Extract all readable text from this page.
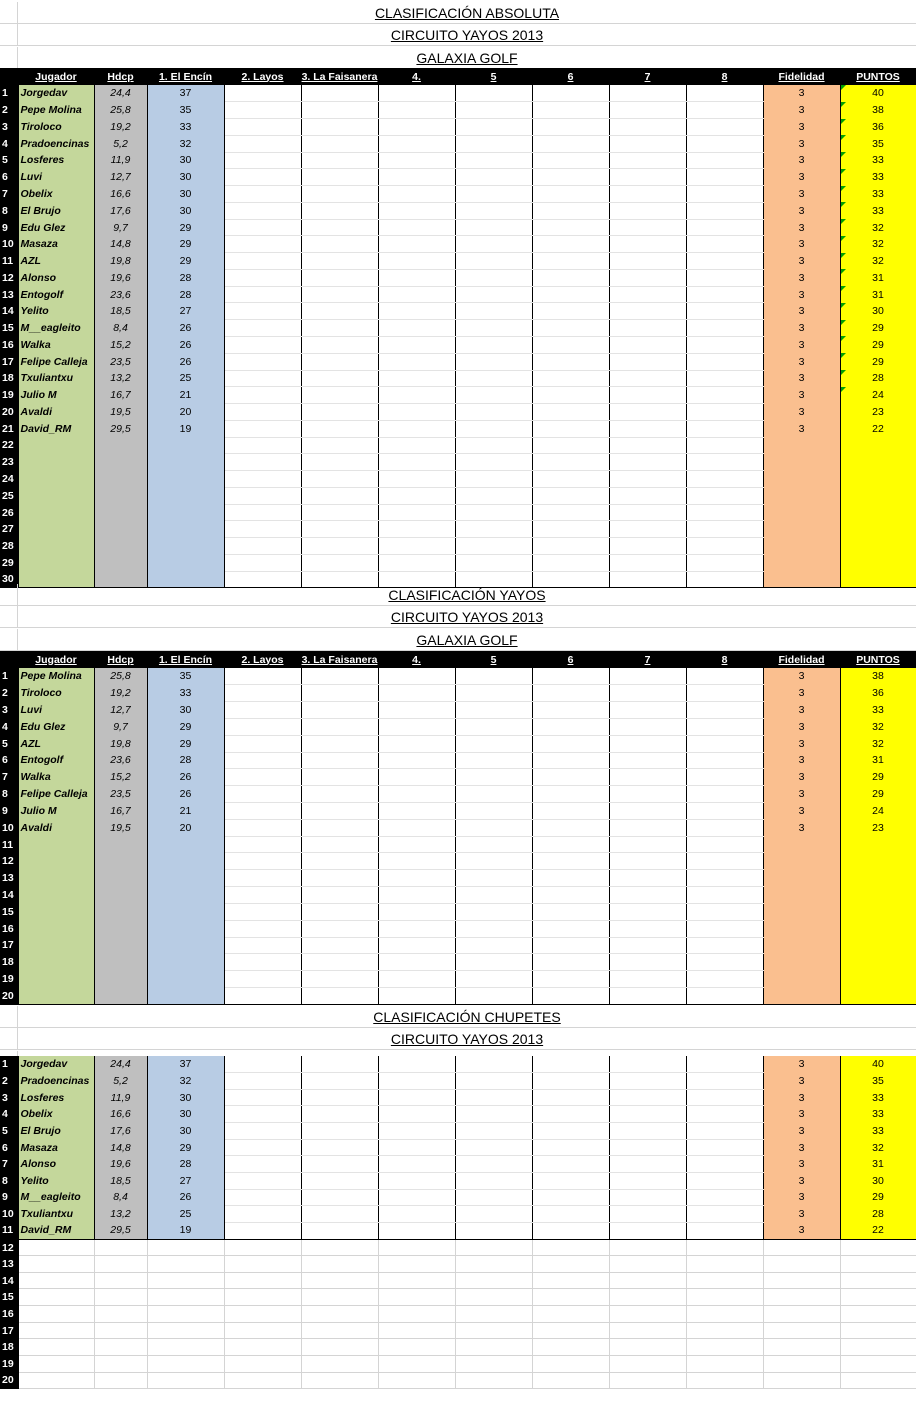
CLASIFICACIÓN ABSOLUTA
CIRCUITO YAYOS 2013
GALAXIA GOLF
	Jugador	Hdcp	1. El Encín	2. Layos	3. La Faisanera	4.	5	6	7	8	Fidelidad	PUNTOS
1	Jorgedav	24,4	37								3	40
2	Pepe Molina	25,8	35								3	38
3	Tiroloco	19,2	33								3	36
4	Pradoencinas	5,2	32								3	35
5	Losferes	11,9	30								3	33
6	Luvi	12,7	30								3	33
7	Obelix	16,6	30								3	33
8	El Brujo	17,6	30								3	33
9	Edu Glez	9,7	29								3	32
10	Masaza	14,8	29								3	32
11	AZL	19,8	29								3	32
12	Alonso	19,6	28								3	31
13	Entogolf	23,6	28								3	31
14	Yelito	18,5	27								3	30
15	M__eagleito	8,4	26								3	29
16	Walka	15,2	26								3	29
17	Felipe Calleja	23,5	26								3	29
18	Txuliantxu	13,2	25								3	28
19	Julio M	16,7	21								3	24
20	Avaldi	19,5	20								3	23
21	David_RM	29,5	19								3	22
22												
23												
24												
25												
26												
27												
28												
29												
30												
CLASIFICACIÓN YAYOS
CIRCUITO YAYOS 2013
GALAXIA GOLF
	Jugador	Hdcp	1. El Encín	2. Layos	3. La Faisanera	4.	5	6	7	8	Fidelidad	PUNTOS
1	Pepe Molina	25,8	35								3	38
2	Tiroloco	19,2	33								3	36
3	Luvi	12,7	30								3	33
4	Edu Glez	9,7	29								3	32
5	AZL	19,8	29								3	32
6	Entogolf	23,6	28								3	31
7	Walka	15,2	26								3	29
8	Felipe Calleja	23,5	26								3	29
9	Julio M	16,7	21								3	24
10	Avaldi	19,5	20								3	23
11												
12												
13												
14												
15												
16												
17												
18												
19												
20												
CLASIFICACIÓN CHUPETES
CIRCUITO YAYOS 2013
1	Jorgedav	24,4	37								3	40
2	Pradoencinas	5,2	32								3	35
3	Losferes	11,9	30								3	33
4	Obelix	16,6	30								3	33
5	El Brujo	17,6	30								3	33
6	Masaza	14,8	29								3	32
7	Alonso	19,6	28								3	31
8	Yelito	18,5	27								3	30
9	M__eagleito	8,4	26								3	29
10	Txuliantxu	13,2	25								3	28
11	David_RM	29,5	19								3	22
12												
13												
14												
15												
16												
17												
18												
19												
20												
